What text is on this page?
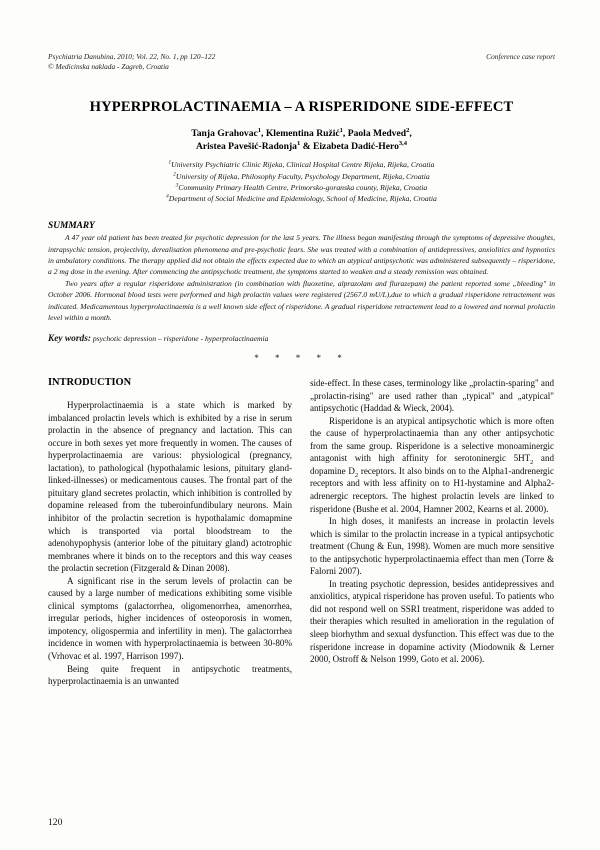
Psychiatria Danubina, 2010; Vol. 22, No. 1, pp 120–122
© Medicinska naklada - Zagreb, Croatia
Conference case report
HYPERPROLACTINAEMIA – A RISPERIDONE SIDE-EFFECT
Tanja Grahovac$^1$, Klementina Ružić$^1$, Paola Medved$^2$,
Aristea Pavešić-Radonja$^1$ & Eizabeta Dadić-Hero$^{3,4}$
$^1$University Psychiatric Clinic Rijeka, Clinical Hospital Centre Rijeka, Rijeka, Croatia
$^2$University of Rijeka, Philosophy Faculty, Psychology Department, Rijeka, Croatia
$^3$Community Primary Health Centre, Primorsko-goranska county, Rijeka, Croatia
$^4$Department of Social Medicine and Epidemiology, School of Medicine, Rijeka, Croatia
SUMMARY

A 47 year old patient has been treated for psychotic depression for the last 5 years. The illness began manifesting through the symptoms of depressive thoughts, intrapsychic tension, projectivity, derealisation phenomena and pre-psychotic fears. She was treated with a combination of antidepressives, anxiolitics and hypnotics in ambulatory conditions. The therapy applied did not obtain the effects expected due to which an atypical antipsychotic was administered subsequently – risperidone, a 2 mg dose in the evening. After commencing the antipsychotic treatment, the symptoms started to weaken and a steady remission was obtained.

Two years after a regular risperidone administration (in combination with fluoxetine, alprazolam and flurazepam) the patient reported some „bleeding" in October 2006. Hormonal blood tests were performed and high prolactin values were registered (2567.0 mU/L),due to which a gradual risperidone retractement was indicated. Medicamentous hyperprolactinaemia is a well known side effect of risperidone. A gradual risperidone retractement lead to a lowered and normal prolactin level within a month.

Key words: psychotic depression – risperidone - hyperprolactinaemia
* * * * *
INTRODUCTION

Hyperprolactinaemia is a state which is marked by imbalanced prolactin levels which is exhibited by a rise in serum prolactin in the absence of pregnancy and lactation. This can occure in both sexes yet more frequently in women. The causes of hyperprolactinaemia are various: physiological (pregnancy, lactation), to pathological (hypothalamic lesions, pituitary gland-linked-illnesses) or medicamentous causes. The frontal part of the pituitary gland secretes prolactin, which inhibition is controlled by dopamine released from the tuberoinfundibulary neurons. Main inhibitor of the prolactin secretion is hypothalamic domapmine which is transported via portal bloodstream to the adenohypophysis (anterior lobe of the pituitary gland) actotrophic membranes where it binds on to the receptors and this way ceases the prolactin secretion (Fitzgerald & Dinan 2008).

A significant rise in the serum levels of prolactin can be caused by a large number of medications exhibiting some visible clinical symptoms (galactorrhea, oligomenorrhea, amenorrhea, irregular periods, higher incidences of osteoporosis in women, impotency, oligospermia and infertility in men). The galactorrhea incidence in women with hyperprolactinaemia is between 30-80% (Vrhovac et al. 1997, Harrison 1997).

Being quite frequent in antipsychotic treatments, hyperprolactinaemia is an unwanted

side-effect. In these cases, terminology like „prolactin-sparing" and „prolactin-rising" are used rather than „typical" and „atypical" antipsychotic (Haddad & Wieck, 2004).

Risperidone is an atypical antipsychotic which is more often the cause of hyperprolactinaemia than any other antipsychotic from the same group. Risperidone is a selective monoaminergic antagonist with high affinity for serotoninergic $5HT_2$ and dopamine $D_2$ receptors. It also binds on to the Alpha1-andrenergic receptors and with less affinity on to H1-hystamine and Alpha2-adrenergic receptors. The highest prolactin levels are linked to risperidone (Bushe et al. 2004, Hamner 2002, Kearns et al. 2000).

In high doses, it manifests an increase in prolactin levels which is similar to the prolactin increase in a typical antipsychotic treatment (Chung & Eun, 1998). Women are much more sensitive to the antipsychotic hyperprolactinaemia effect than men (Torre & Falorni 2007).

In treating psychotic depression, besides antidepressives and anxiolitics, atypical risperidone has proven useful. To patients who did not respond well on SSRI treatment, risperidone was added to their therapies which resulted in amelioration in the regulation of sleep biorhythm and sexual dysfunction. This effect was due to the risperidone increase in dopamine activity (Miodownik & Lerner 2000, Ostroff & Nelson 1999, Goto et al. 2006).

120
